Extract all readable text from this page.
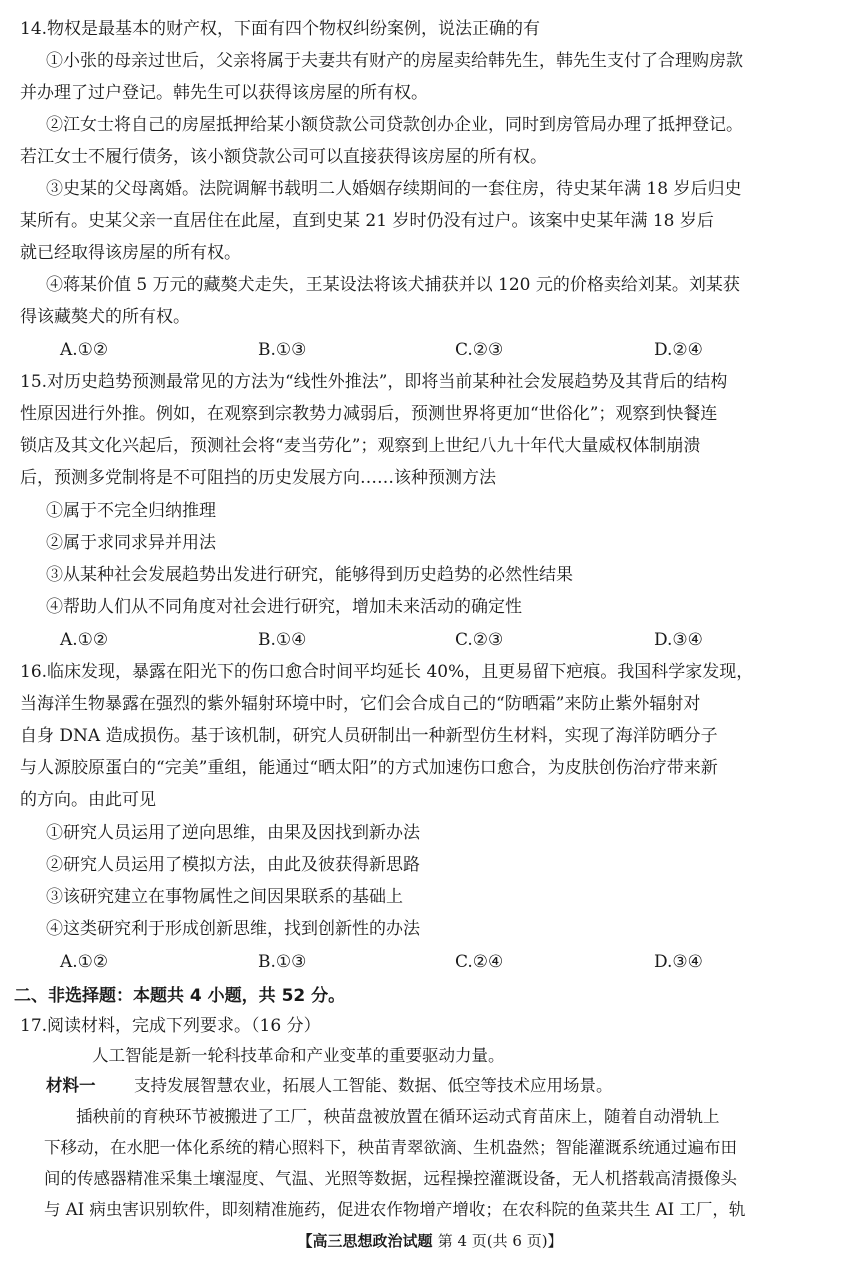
14.物权是最基本的财产权，下面有四个物权纠纷案例，说法正确的有
①小张的母亲过世后，父亲将属于夫妻共有财产的房屋卖给韩先生，韩先生支付了合理购房款
并办理了过户登记。韩先生可以获得该房屋的所有权。
②江女士将自己的房屋抵押给某小额贷款公司贷款创办企业，同时到房管局办理了抵押登记。
若江女士不履行债务，该小额贷款公司可以直接获得该房屋的所有权。
③史某的父母离婚。法院调解书载明二人婚姻存续期间的一套住房，待史某年满 18 岁后归史
某所有。史某父亲一直居住在此屋，直到史某 21 岁时仍没有过户。该案中史某年满 18 岁后
就已经取得该房屋的所有权。
④蒋某价值 5 万元的藏獒犬走失，王某设法将该犬捕获并以 120 元的价格卖给刘某。刘某获
得该藏獒犬的所有权。
A.①②	B.①③	C.②③	D.②④
15.对历史趋势预测最常见的方法为“线性外推法”，即将当前某种社会发展趋势及其背后的结构
性原因进行外推。例如，在观察到宗教势力减弱后，预测世界将更加“世俗化”；观察到快餐连
锁店及其文化兴起后，预测社会将“麦当劳化”；观察到上世纪八九十年代大量威权体制崩溃
后，预测多党制将是不可阻挡的历史发展方向……该种预测方法
①属于不完全归纳推理
②属于求同求异并用法
③从某种社会发展趋势出发进行研究，能够得到历史趋势的必然性结果
④帮助人们从不同角度对社会进行研究，增加未来活动的确定性
A.①②	B.①④	C.②③	D.③④
16.临床发现，暴露在阳光下的伤口愈合时间平均延长 40%，且更易留下疤痕。我国科学家发现，
当海洋生物暴露在强烈的紫外辐射环境中时，它们会合成自己的“防晒霜”来防止紫外辐射对
自身 DNA 造成损伤。基于该机制，研究人员研制出一种新型仿生材料，实现了海洋防晒分子
与人源胶原蛋白的“完美”重组，能通过“晒太阳”的方式加速伤口愈合，为皮肤创伤治疗带来新
的方向。由此可见
①研究人员运用了逆向思维，由果及因找到新办法
②研究人员运用了模拟方法，由此及彼获得新思路
③该研究建立在事物属性之间因果联系的基础上
④这类研究利于形成创新思维，找到创新性的办法
A.①②	B.①③	C.②④	D.③④
二、非选择题：本题共 4 小题，共 52 分。
17.阅读材料，完成下列要求。（16 分）
人工智能是新一轮科技革命和产业变革的重要驱动力量。
材料一 支持发展智慧农业，拓展人工智能、数据、低空等技术应用场景。
插秧前的育秧环节被搬进了工厂，秧苗盘被放置在循环运动式育苗床上，随着自动滑轨上
下移动，在水肥一体化系统的精心照料下，秧苗青翠欲滴、生机盎然；智能灌溉系统通过遍布田
间的传感器精准采集土壤湿度、气温、光照等数据，远程操控灌溉设备，无人机搭载高清摄像头
与 AI 病虫害识别软件，即刻精准施药，促进农作物增产增收；在农科院的鱼菜共生 AI 工厂，轨
【高三思想政治试题 第 4 页(共 6 页)】
